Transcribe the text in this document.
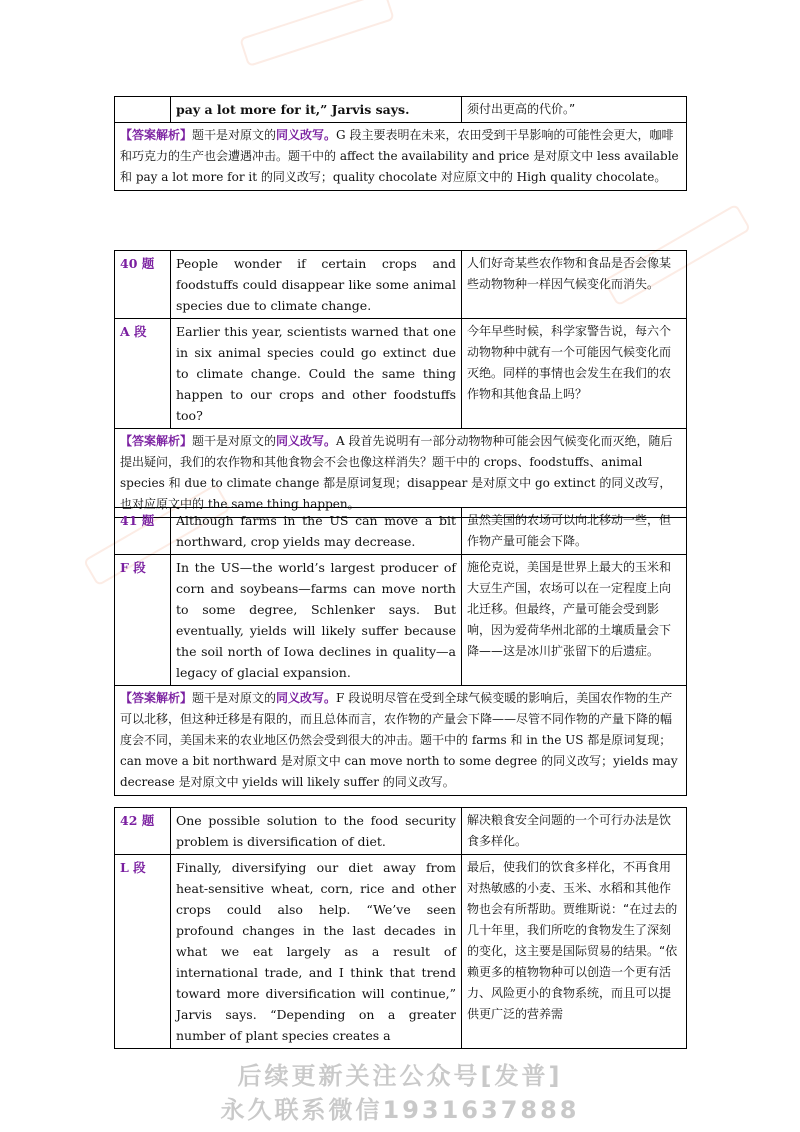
	pay a lot more for it,” Jarvis says.	须付出更高的代价。”
【答案解析】题干是对原文的同义改写。G 段主要表明在未来，农田受到干旱影响的可能性会更大，咖啡和巧克力的生产也会遭遇冲击。题干中的 affect the availability and price 是对原文中 less available 和 pay a lot more for it 的同义改写；quality chocolate 对应原文中的 High quality chocolate。
40 题	People wonder if certain crops and foodstuffs could disappear like some animal species due to climate change.	人们好奇某些农作物和食品是否会像某些动物物种一样因气候变化而消失。
A 段	Earlier this year, scientists warned that one in six animal species could go extinct due to climate change. Could the same thing happen to our crops and other foodstuffs too?	今年早些时候，科学家警告说，每六个动物物种中就有一个可能因气候变化而灭绝。同样的事情也会发生在我们的农作物和其他食品上吗？
【答案解析】题干是对原文的同义改写。A 段首先说明有一部分动物物种可能会因气候变化而灭绝，随后提出疑问，我们的农作物和其他食物会不会也像这样消失？题干中的 crops、foodstuffs、animal species 和 due to climate change 都是原词复现；disappear 是对原文中 go extinct 的同义改写，也对应原文中的 the same thing happen。		
41 题	Although farms in the US can move a bit northward, crop yields may decrease.	虽然美国的农场可以向北移动一些，但作物产量可能会下降。
F 段	In the US—the world’s largest producer of corn and soybeans—farms can move north to some degree, Schlenker says. But eventually, yields will likely suffer because the soil north of Iowa declines in quality—a legacy of glacial expansion.	施伦克说，美国是世界上最大的玉米和大豆生产国，农场可以在一定程度上向北迁移。但最终，产量可能会受到影响，因为爱荷华州北部的土壤质量会下降——这是冰川扩张留下的后遗症。
【答案解析】题干是对原文的同义改写。F 段说明尽管在受到全球气候变暖的影响后，美国农作物的生产可以北移，但这种迁移是有限的，而且总体而言，农作物的产量会下降——尽管不同作物的产量下降的幅度会不同，美国未来的农业地区仍然会受到很大的冲击。题干中的 farms 和 in the US 都是原词复现；can move a bit northward 是对原文中 can move north to some degree 的同义改写；yields may decrease 是对原文中 yields will likely suffer 的同义改写。		
42 题	One possible solution to the food security problem is diversification of diet.	解决粮食安全问题的一个可行办法是饮食多样化。
L 段	Finally, diversifying our diet away from heat-sensitive wheat, corn, rice and other crops could also help. “We’ve seen profound changes in the last decades in what we eat largely as a result of international trade, and I think that trend toward more diversification will continue,” Jarvis says. “Depending on a greater number of plant species creates a	最后，使我们的饮食多样化，不再食用对热敏感的小麦、玉米、水稻和其他作物也会有所帮助。贾维斯说：“在过去的几十年里，我们所吃的食物发生了深刻的变化，这主要是国际贸易的结果。“依赖更多的植物物种可以创造一个更有活力、风险更小的食物系统，而且可以提供更广泛的营养需
后续更新关注公众号[发普]
永久联系微信1931637888
